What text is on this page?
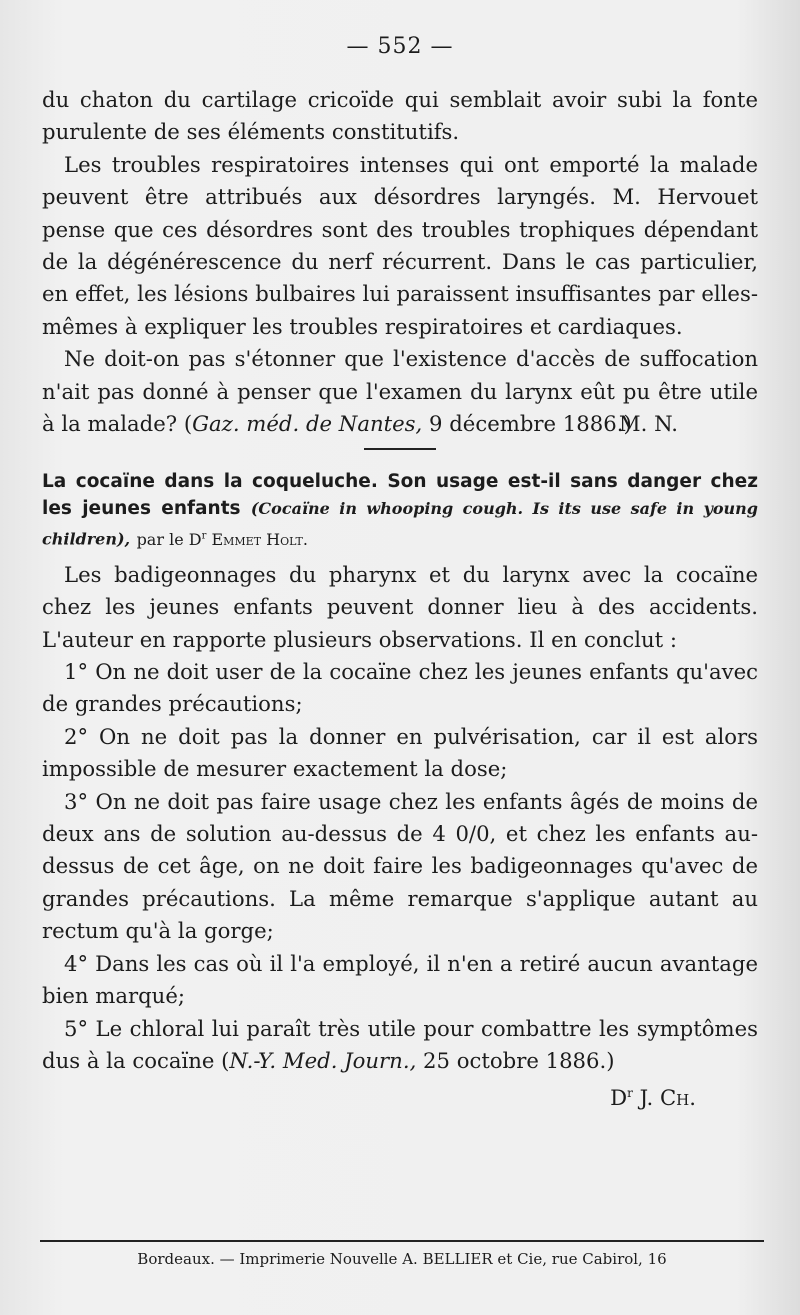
— 552 —

du chaton du cartilage cricoïde qui semblait avoir subi la fonte purulente de ses éléments constitutifs.

Les troubles respiratoires intenses qui ont emporté la malade peuvent être attribués aux désordres laryngés. M. Hervouet pense que ces désordres sont des troubles trophiques dépendant de la dégénérescence du nerf récurrent. Dans le cas particulier, en effet, les lésions bulbaires lui paraissent insuffisantes par elles-mêmes à expliquer les troubles respiratoires et cardiaques.

Ne doit-on pas s'étonner que l'existence d'accès de suffocation n'ait pas donné à penser que l'examen du larynx eût pu être utile à la malade? (Gaz. méd. de Nantes, 9 décembre 1886.)

M. N.

La cocaïne dans la coqueluche. Son usage est-il sans danger chez les jeunes enfants (Cocaïne in whooping cough. Is its use safe in young children), par le $D^r$ Emmet Holt.

Les badigeonnages du pharynx et du larynx avec la cocaïne chez les jeunes enfants peuvent donner lieu à des accidents. L'auteur en rapporte plusieurs observations. Il en conclut :

1° On ne doit user de la cocaïne chez les jeunes enfants qu'avec de grandes précautions;

2° On ne doit pas la donner en pulvérisation, car il est alors impossible de mesurer exactement la dose;

3° On ne doit pas faire usage chez les enfants âgés de moins de deux ans de solution au-dessus de 4 0/0, et chez les enfants au-dessus de cet âge, on ne doit faire les badigeonnages qu'avec de grandes précautions. La même remarque s'applique autant au rectum qu'à la gorge;

4° Dans les cas où il l'a employé, il n'en a retiré aucun avantage bien marqué;

5° Le chloral lui paraît très utile pour combattre les symptômes dus à la cocaïne (N.-Y. Med. Journ., 25 octobre 1886.)

$D^r$ J. Ch.

Bordeaux. — Imprimerie Nouvelle A. BELLIER et Cie, rue Cabirol, 16
